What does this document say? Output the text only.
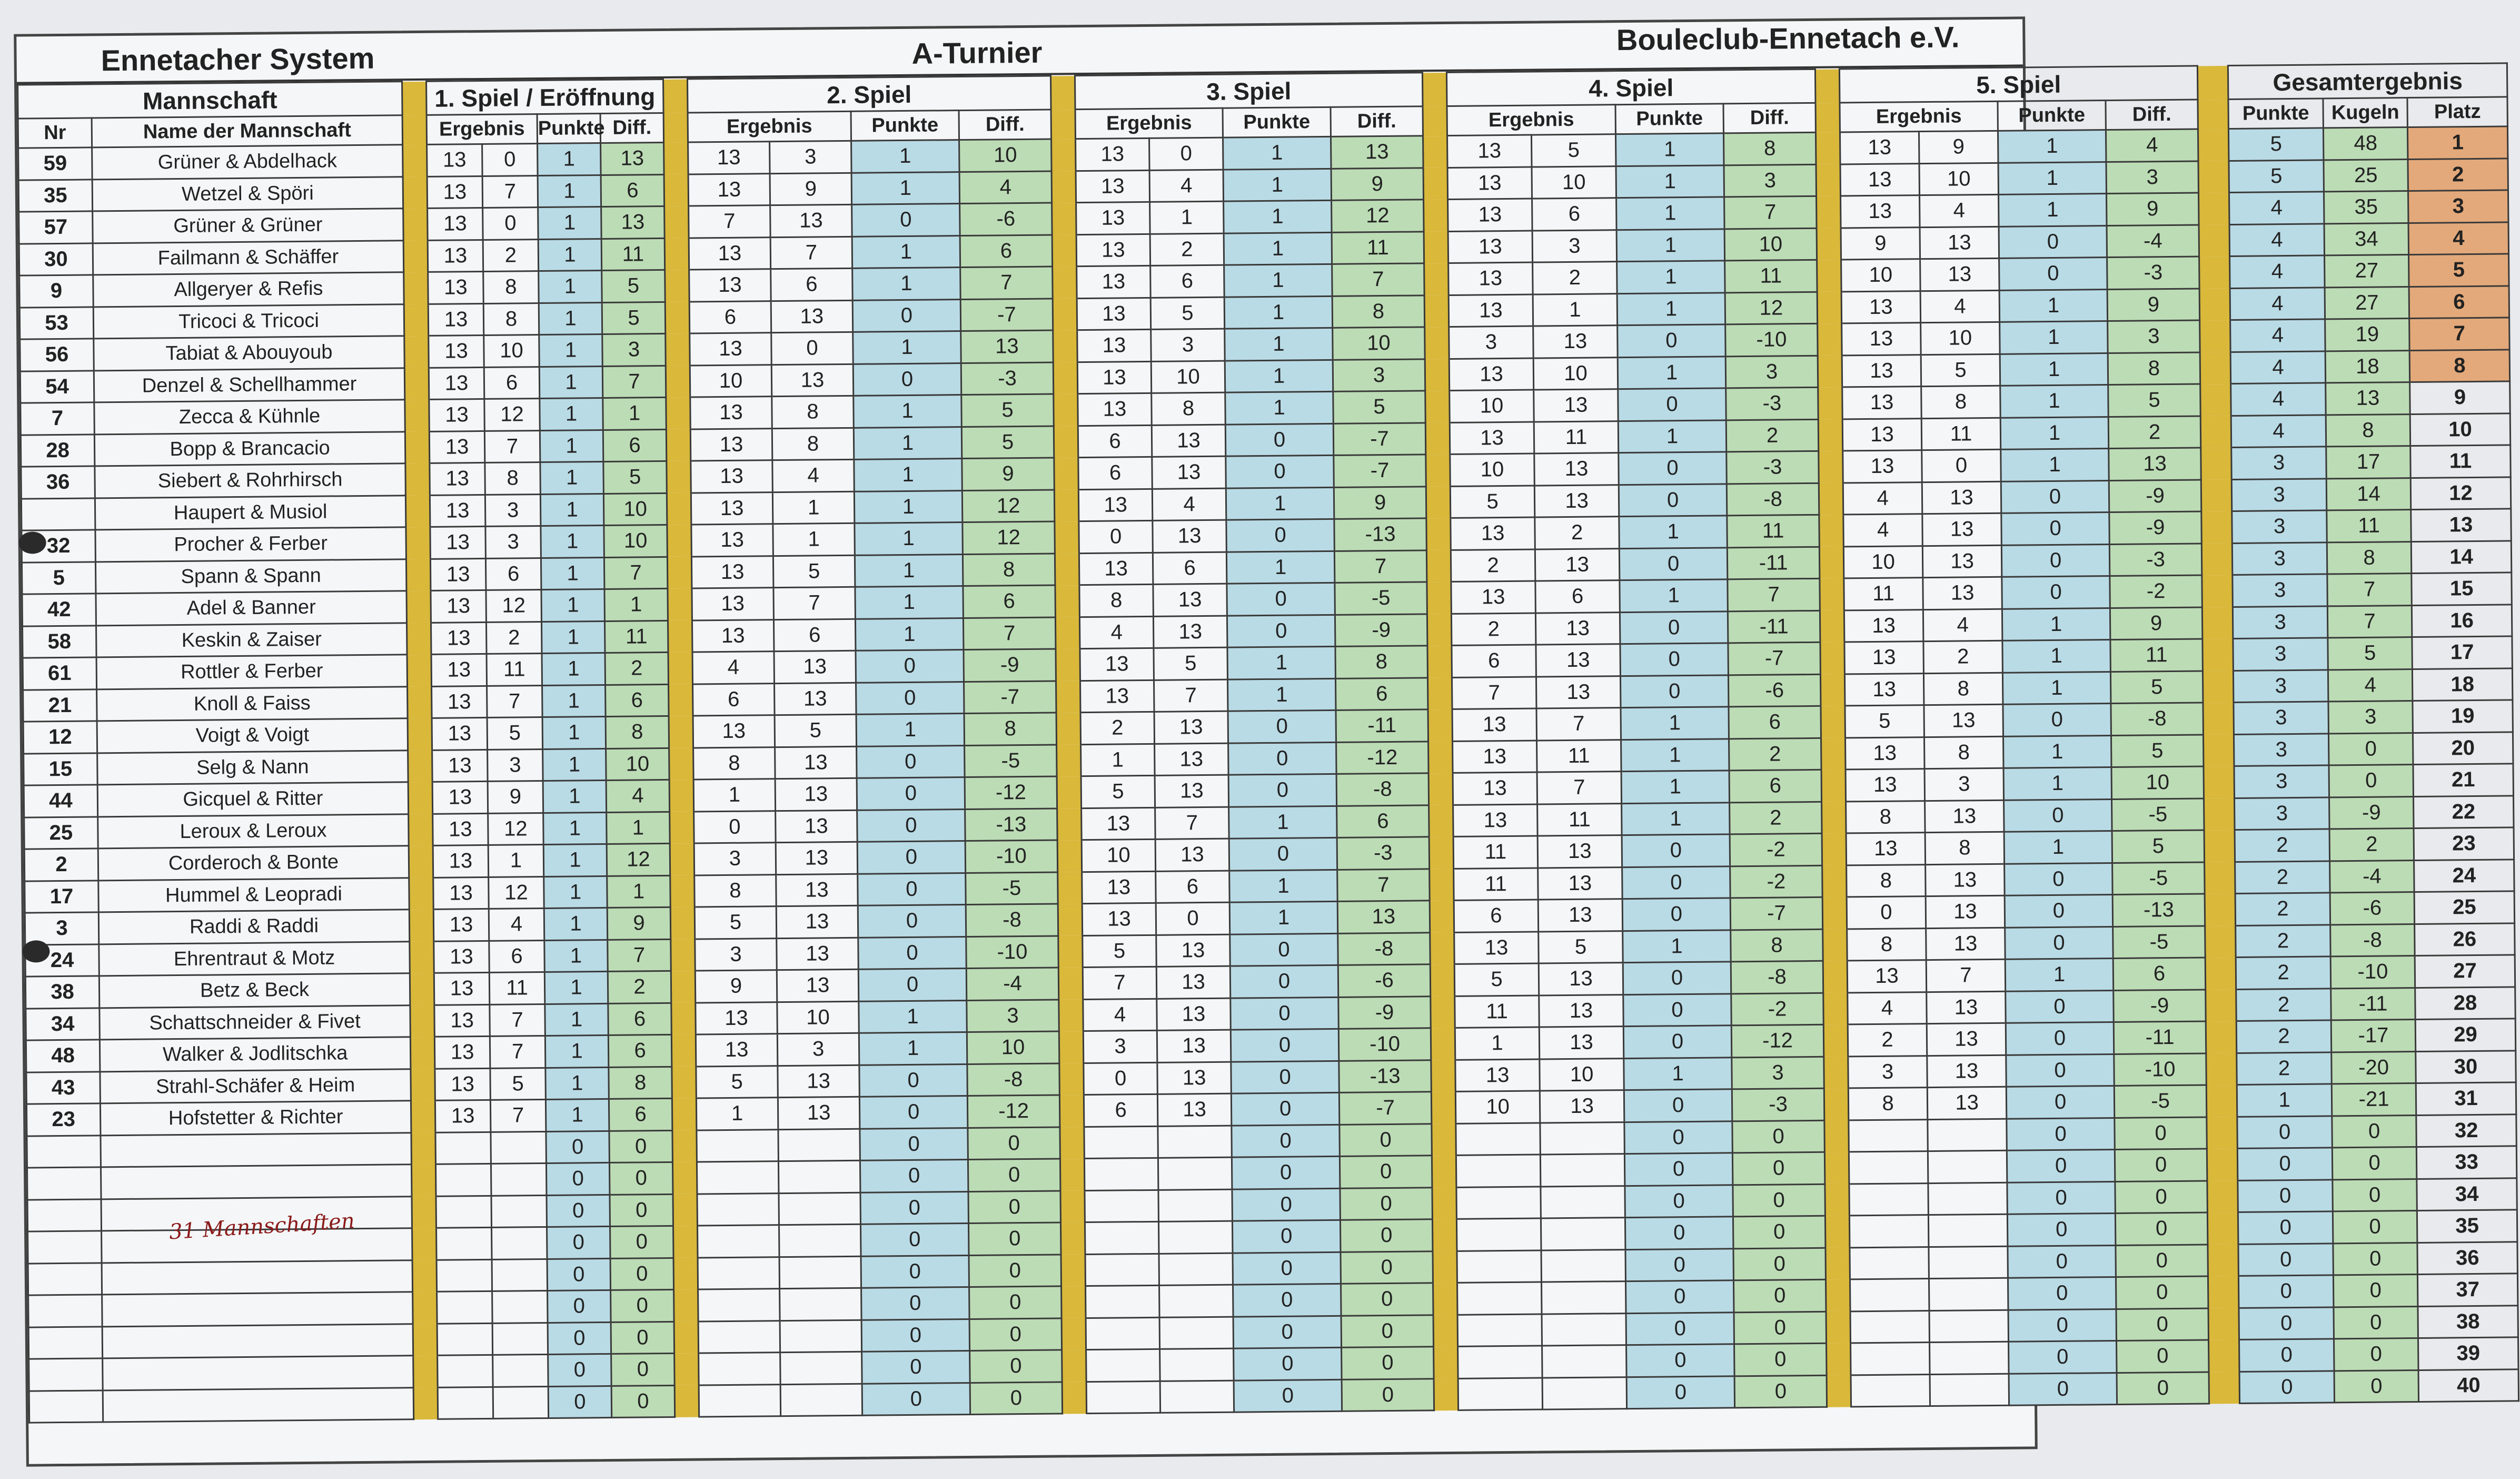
Ennetacher System	A-Turnier	Bouleclub-Ennetach e.V.
Mannschaft			1. Spiel / Eröffnung					2. Spiel					3. Spiel					4. Spiel					5. Spiel					Gesamtergebnis		
Nr	Name der Mannschaft		Ergebnis		Punkte	Diff.		Ergebnis		Punkte	Diff.		Ergebnis		Punkte	Diff.		Ergebnis		Punkte	Diff.		Ergebnis		Punkte	Diff.		Punkte	Kugeln	Platz
59	Grüner & Abdelhack		13	0	1	13		13	3	1	10		13	0	1	13		13	5	1	8		13	9	1	4		5	48	1
35	Wetzel & Spöri		13	7	1	6		13	9	1	4		13	4	1	9		13	10	1	3		13	10	1	3		5	25	2
57	Grüner & Grüner		13	0	1	13		7	13	0	-6		13	1	1	12		13	6	1	7		13	4	1	9		4	35	3
30	Failmann & Schäffer		13	2	1	11		13	7	1	6		13	2	1	11		13	3	1	10		9	13	0	-4		4	34	4
9	Allgeryer & Refis		13	8	1	5		13	6	1	7		13	6	1	7		13	2	1	11		10	13	0	-3		4	27	5
53	Tricoci & Tricoci		13	8	1	5		6	13	0	-7		13	5	1	8		13	1	1	12		13	4	1	9		4	27	6
56	Tabiat & Abouyoub		13	10	1	3		13	0	1	13		13	3	1	10		3	13	0	-10		13	10	1	3		4	19	7
54	Denzel & Schellhammer		13	6	1	7		10	13	0	-3		13	10	1	3		13	10	1	3		13	5	1	8		4	18	8
7	Zecca & Kühnle		13	12	1	1		13	8	1	5		13	8	1	5		10	13	0	-3		13	8	1	5		4	13	9
28	Bopp & Brancacio		13	7	1	6		13	8	1	5		6	13	0	-7		13	11	1	2		13	11	1	2		4	8	10
36	Siebert & Rohrhirsch		13	8	1	5		13	4	1	9		6	13	0	-7		10	13	0	-3		13	0	1	13		3	17	11
	Haupert & Musiol		13	3	1	10		13	1	1	12		13	4	1	9		5	13	0	-8		4	13	0	-9		3	14	12
32	Procher & Ferber		13	3	1	10		13	1	1	12		0	13	0	-13		13	2	1	11		4	13	0	-9		3	11	13
5	Spann & Spann		13	6	1	7		13	5	1	8		13	6	1	7		2	13	0	-11		10	13	0	-3		3	8	14
42	Adel & Banner		13	12	1	1		13	7	1	6		8	13	0	-5		13	6	1	7		11	13	0	-2		3	7	15
58	Keskin & Zaiser		13	2	1	11		13	6	1	7		4	13	0	-9		2	13	0	-11		13	4	1	9		3	7	16
61	Rottler & Ferber		13	11	1	2		4	13	0	-9		13	5	1	8		6	13	0	-7		13	2	1	11		3	5	17
21	Knoll & Faiss		13	7	1	6		6	13	0	-7		13	7	1	6		7	13	0	-6		13	8	1	5		3	4	18
12	Voigt & Voigt		13	5	1	8		13	5	1	8		2	13	0	-11		13	7	1	6		5	13	0	-8		3	3	19
15	Selg & Nann		13	3	1	10		8	13	0	-5		1	13	0	-12		13	11	1	2		13	8	1	5		3	0	20
44	Gicquel & Ritter		13	9	1	4		1	13	0	-12		5	13	0	-8		13	7	1	6		13	3	1	10		3	0	21
25	Leroux & Leroux		13	12	1	1		0	13	0	-13		13	7	1	6		13	11	1	2		8	13	0	-5		3	-9	22
2	Corderoch & Bonte		13	1	1	12		3	13	0	-10		10	13	0	-3		11	13	0	-2		13	8	1	5		2	2	23
17	Hummel & Leopradi		13	12	1	1		8	13	0	-5		13	6	1	7		11	13	0	-2		8	13	0	-5		2	-4	24
3	Raddi & Raddi		13	4	1	9		5	13	0	-8		13	0	1	13		6	13	0	-7		0	13	0	-13		2	-6	25
24	Ehrentraut & Motz		13	6	1	7		3	13	0	-10		5	13	0	-8		13	5	1	8		8	13	0	-5		2	-8	26
38	Betz & Beck		13	11	1	2		9	13	0	-4		7	13	0	-6		5	13	0	-8		13	7	1	6		2	-10	27
34	Schattschneider & Fivet		13	7	1	6		13	10	1	3		4	13	0	-9		11	13	0	-2		4	13	0	-9		2	-11	28
48	Walker & Jodlitschka		13	7	1	6		13	3	1	10		3	13	0	-10		1	13	0	-12		2	13	0	-11		2	-17	29
43	Strahl-Schäfer & Heim		13	5	1	8		5	13	0	-8		0	13	0	-13		13	10	1	3		3	13	0	-10		2	-20	30
23	Hofstetter & Richter		13	7	1	6		1	13	0	-12		6	13	0	-7		10	13	0	-3		8	13	0	-5		1	-21	31
					0	0				0	0				0	0				0	0				0	0		0	0	32
					0	0				0	0				0	0				0	0				0	0		0	0	33
					0	0				0	0				0	0				0	0				0	0		0	0	34
					0	0				0	0				0	0				0	0				0	0		0	0	35
					0	0				0	0				0	0				0	0				0	0		0	0	36
					0	0				0	0				0	0				0	0				0	0		0	0	37
					0	0				0	0				0	0				0	0				0	0		0	0	38
					0	0				0	0				0	0				0	0				0	0		0	0	39
					0	0				0	0				0	0				0	0				0	0		0	0	40
31 Mannschaften
